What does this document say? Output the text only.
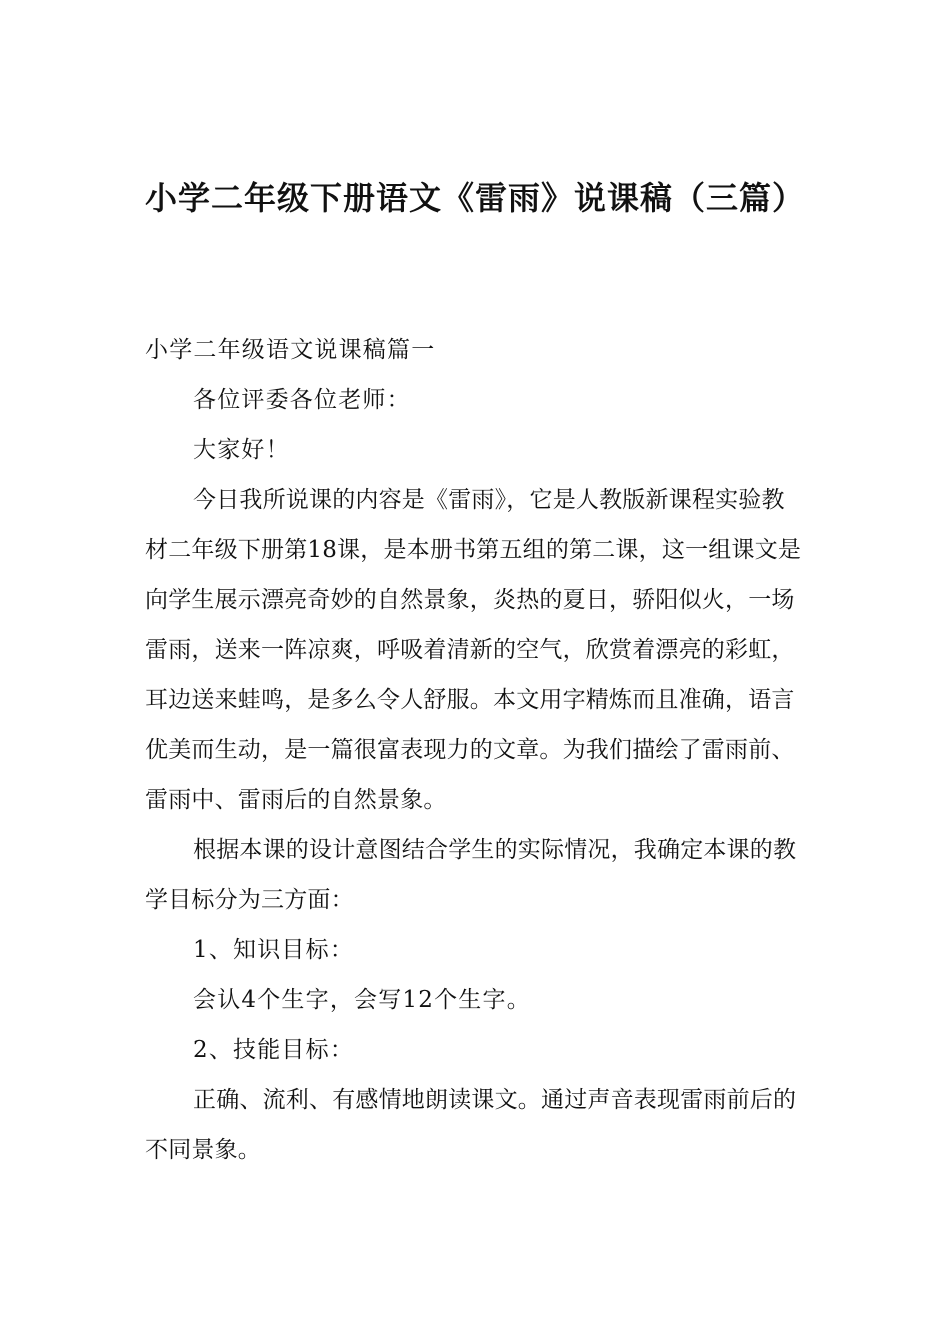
小学二年级下册语文《雷雨》说课稿（三篇）

小学二年级语文说课稿篇一

各位评委各位老师：

大家好！

今日我所说课的内容是《雷雨》，它是人教版新课程实验教材二年级下册第18课，是本册书第五组的第二课，这一组课文是向学生展示漂亮奇妙的自然景象，炎热的夏日，骄阳似火，一场雷雨，送来一阵凉爽，呼吸着清新的空气，欣赏着漂亮的彩虹，耳边送来蛙鸣，是多么令人舒服。本文用字精炼而且准确，语言优美而生动，是一篇很富表现力的文章。为我们描绘了雷雨前、雷雨中、雷雨后的自然景象。

根据本课的设计意图结合学生的实际情况，我确定本课的教学目标分为三方面：

1、知识目标：

会认4个生字，会写12个生字。

2、技能目标：

正确、流利、有感情地朗读课文。通过声音表现雷雨前后的不同景象。
